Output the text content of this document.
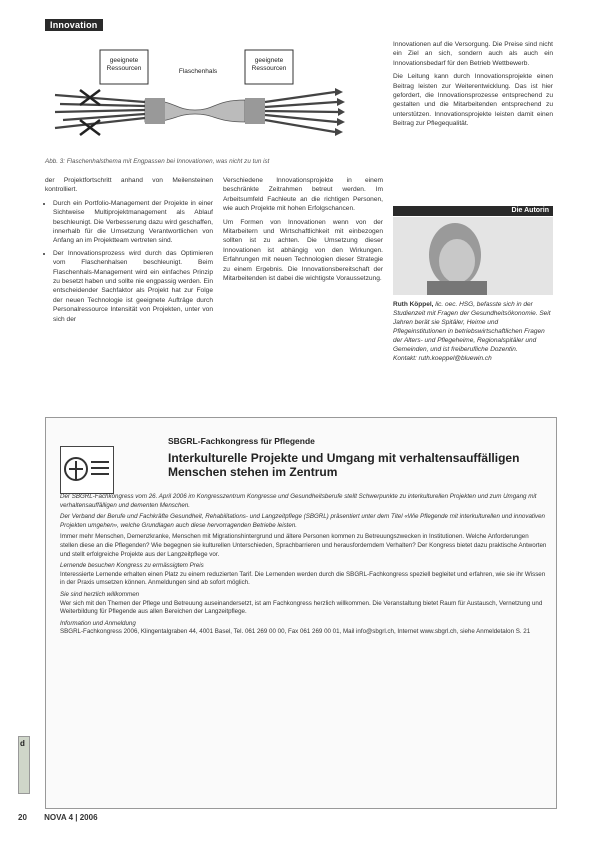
Innovation
geeignete Ressourcen	Flaschenhals
geeignete Ressourcen
Abb. 3: Flaschenhalsthema mit Engpassen bei Innovationen, was nicht zu tun ist

der Projektfortschritt anhand von Meilensteinen kontrolliert.

• Durch ein Portfolio-Management der Projekte in einer Sichtweise Multiprojektmanagement als Ablauf beschleunigt. Die Verbesserung dazu wird geschaffen, innerhalb für die Umsetzung Verantwortlichen von Anfang an im Projektteam vertreten sind.
• Der Innovationsprozess wird durch das Optimieren vom Flaschenhalsen beschleunigt. Beim Flaschenhals-Management wird ein einfaches Prinzip zu besetzt haben und sollte nie engpassig werden. Ein entscheidender Sachfaktor als Projekt hat zur Folge der neuen Technologie ist geeignete Aufträge durch Personalressource Intensität von Projekten, unter von sich der

Verschiedene Innovationsprojekte in einem beschränkte Zeitrahmen betreut werden. Im Arbeitsumfeld Fachleute an die richtigen Personen, wie auch Projekte mit hohen Erfolgschancen.

Um Formen von Innovationen wenn von der Mitarbeitern und Wirtschaftlichkeit mit einbezogen sollten ist zu achten. Die Umsetzung dieser Innovationen ist abhängig von den Wirkungen. Erfahrungen mit neuen Technologien dieser Strategie zu einem Ergebnis. Die Innovationsbereitschaft der Mitarbeitenden ist dabei die wichtigste Voraussetzung.

Innovationen auf die Versorgung. Die Preise sind nicht ein Ziel an sich, sondern auch als auch ein Innovationsbedarf für den Betrieb Wettbewerb.

Die Leitung kann durch Innovationsprojekte einen Beitrag leisten zur Weiterentwicklung. Das ist hier gefordert, die Innovationsprozesse entsprechend zu gestalten und die Mitarbeitenden entsprechend zu unterstützen. Innovationsprojekte leisten damit einen Beitrag zur Pflegequalität.

Die Autorin
Ruth Köppel, lic. oec. HSG, befasste sich in der Studienzeit mit Fragen der Gesundheitsökonomie. Seit Jahren berät sie Spitäler, Heime und Pflegeinstitutionen in betriebswirtschaftlichen Fragen der Alters- und Pflegeheime, Regionalspitäler und Gemeinden, und ist freiberufliche Dozentin.
Kontakt: ruth.koeppel@bluewin.ch
SBGRL-Fachkongress für Pflegende
Interkulturelle Projekte und Umgang mit verhaltensauffälligen Menschen stehen im Zentrum

Der SBGRL-Fachkongress vom 26. April 2006 im Kongresszentrum Kongresse und Gesundheitsberufe stellt Schwerpunkte zu interkulturellen Projekten und zum Umgang mit verhaltensauffälligen und dementen Menschen.

Der Verband der Berufe und Fachkräfte Gesundheit, Rehabilitations- und Langzeitpflege (SBGRL) präsentiert unter dem Titel «Wie Pflegende mit interkulturellen und innovativen Projekten umgehen», welche Grundlagen auch diese hervorragenden Betriebe leisten.

Immer mehr Menschen, Demenzkranke, Menschen mit Migrationshintergrund und ältere Personen kommen zu Betreuungszwecken in Institutionen. Welche Anforderungen stellen diese an die Pflegenden? Wie begegnen sie kulturellen Unterschieden, Sprachbarrieren und herausforderndem Verhalten? Der Kongress bietet dazu praktische Antworten und stellt erfolgreiche Projekte aus der Langzeitpflege vor.

Lernende besuchen Kongress zu ermässigtem Preis

Interessierte Lernende erhalten einen Platz zu einem reduzierten Tarif. Die Lernenden werden durch die SBGRL-Fachkongress speziell begleitet und erfahren, wie sie ihr Wissen in der Praxis umsetzen können. Anmeldungen sind ab sofort möglich.

Sie sind herzlich willkommen

Wer sich mit den Themen der Pflege und Betreuung auseinandersetzt, ist am Fachkongress herzlich willkommen. Die Veranstaltung bietet Raum für Austausch, Vernetzung und Weiterbildung für Pflegende aus allen Bereichen der Langzeitpflege.

Information und Anmeldung

SBGRL-Fachkongress 2006, Klingentalgraben 44, 4001 Basel, Tel. 061 269 00 00, Fax 061 269 00 01, Mail info@sbgrl.ch, Internet www.sbgrl.ch, siehe Anmeldetalon S. 21

d
20 NOVA 4 | 2006
